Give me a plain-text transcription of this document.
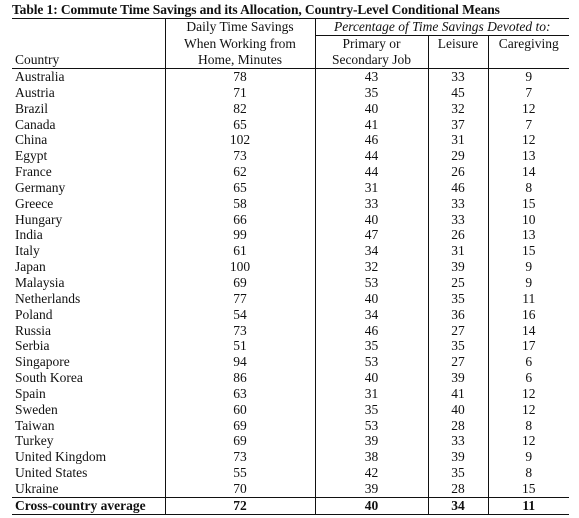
Table 1: Commute Time Savings and its Allocation, Country-Level Conditional Means
	Daily Time Savings	Percentage of Time Savings Devoted to:		
	When Working from	Primary or	Leisure	Caregiving
Country	Home, Minutes	Secondary Job		
Australia	78	43	33	9
Austria	71	35	45	7
Brazil	82	40	32	12
Canada	65	41	37	7
China	102	46	31	12
Egypt	73	44	29	13
France	62	44	26	14
Germany	65	31	46	8
Greece	58	33	33	15
Hungary	66	40	33	10
India	99	47	26	13
Italy	61	34	31	15
Japan	100	32	39	9
Malaysia	69	53	25	9
Netherlands	77	40	35	11
Poland	54	34	36	16
Russia	73	46	27	14
Serbia	51	35	35	17
Singapore	94	53	27	6
South Korea	86	40	39	6
Spain	63	31	41	12
Sweden	60	35	40	12
Taiwan	69	53	28	8
Turkey	69	39	33	12
United Kingdom	73	38	39	9
United States	55	42	35	8
Ukraine	70	39	28	15
Cross-country average	72	40	34	11
